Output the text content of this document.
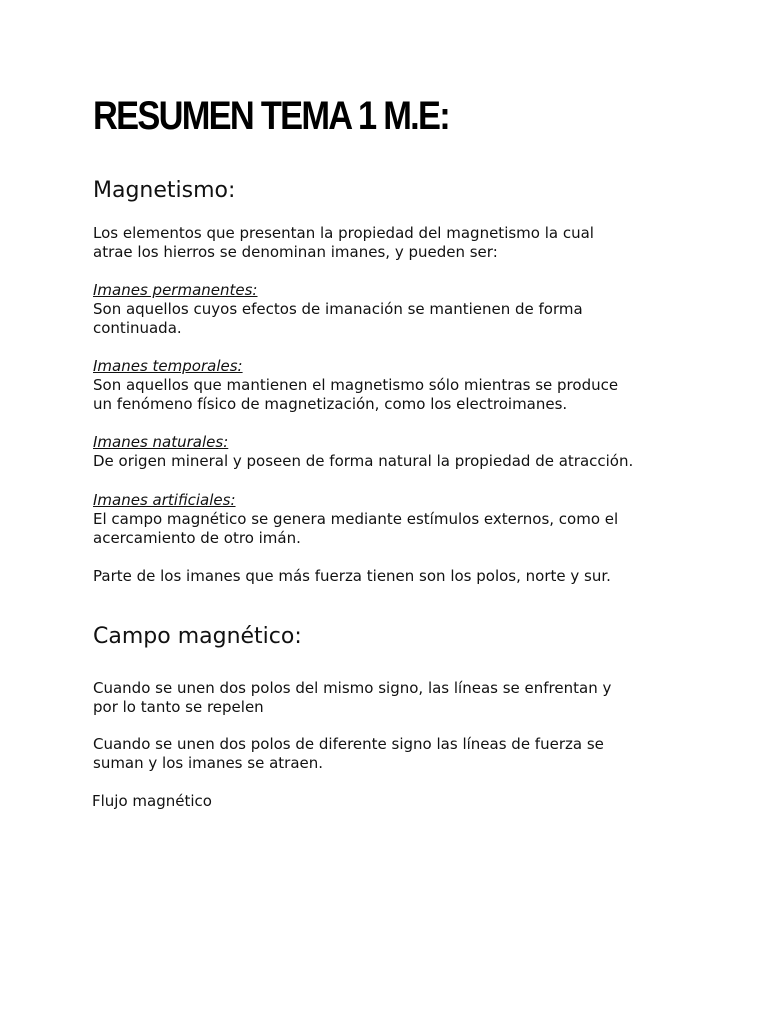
RESUMEN TEMA 1 M.E:
Magnetismo:

Los elementos que presentan la propiedad del magnetismo la cual
atrae los hierros se denominan imanes, y pueden ser:

Imanes permanentes:
Son aquellos cuyos efectos de imanación se mantienen de forma
continuada.

Imanes temporales:
Son aquellos que mantienen el magnetismo sólo mientras se produce
un fenómeno físico de magnetización, como los electroimanes.

Imanes naturales:
De origen mineral y poseen de forma natural la propiedad de atracción.

Imanes artificiales:
El campo magnético se genera mediante estímulos externos, como el
acercamiento de otro imán.

Parte de los imanes que más fuerza tienen son los polos, norte y sur.

Campo magnético:

Cuando se unen dos polos del mismo signo, las líneas se enfrentan y
por lo tanto se repelen

Cuando se unen dos polos de diferente signo las líneas de fuerza se
suman y los imanes se atraen.

Flujo magnético
